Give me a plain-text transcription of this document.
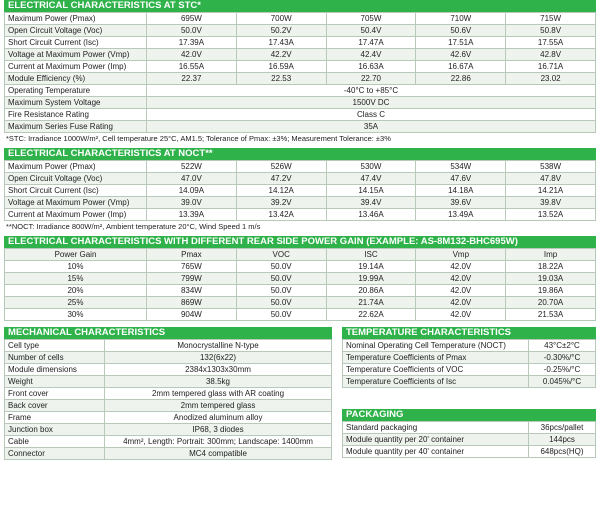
ELECTRICAL CHARACTERISTICS AT STC*
Maximum Power (Pmax)	695W	700W	705W	710W	715W
Open Circuit Voltage (Voc)	50.0V	50.2V	50.4V	50.6V	50.8V
Short Circuit Current (Isc)	17.39A	17.43A	17.47A	17.51A	17.55A
Voltage at Maximum Power (Vmp)	42.0V	42.2V	42.4V	42.6V	42.8V
Current at Maximum Power (Imp)	16.55A	16.59A	16.63A	16.67A	16.71A
Module Efficiency (%)	22.37	22.53	22.70	22.86	23.02
Operating Temperature	-40°C to +85°C				
Maximum System Voltage	1500V DC				
Fire Resistance Rating	Class C				
Maximum Series Fuse Rating	35A				
*STC: Irradiance 1000W/m², Cell temperature 25°C, AM1.5; Tolerance of Pmax: ±3%; Measurement Tolerance: ±3%
ELECTRICAL CHARACTERISTICS AT NOCT**
Maximum Power (Pmax)	522W	526W	530W	534W	538W
Open Circuit Voltage (Voc)	47.0V	47.2V	47.4V	47.6V	47.8V
Short Circuit Current (Isc)	14.09A	14.12A	14.15A	14.18A	14.21A
Voltage at Maximum Power (Vmp)	39.0V	39.2V	39.4V	39.6V	39.8V
Current at Maximum Power (Imp)	13.39A	13.42A	13.46A	13.49A	13.52A
**NOCT: Irradiance 800W/m², Ambient temperature 20°C, Wind Speed 1 m/s
ELECTRICAL CHARACTERISTICS WITH DIFFERENT REAR SIDE POWER GAIN (EXAMPLE: AS-8M132-BHC695W)
Power Gain	Pmax	VOC	ISC	Vmp	Imp
10%	765W	50.0V	19.14A	42.0V	18.22A
15%	799W	50.0V	19.99A	42.0V	19.03A
20%	834W	50.0V	20.86A	42.0V	19.86A
25%	869W	50.0V	21.74A	42.0V	20.70A
30%	904W	50.0V	22.62A	42.0V	21.53A
MECHANICAL CHARACTERISTICS
Cell type	Monocrystalline N-type
Number of cells	132(6x22)
Module dimensions	2384x1303x30mm
Weight	38.5kg
Front cover	2mm tempered glass with AR coating
Back cover	2mm tempered glass
Frame	Anodized aluminum alloy
Junction box	IP68, 3 diodes
Cable	4mm², Length: Portrait: 300mm; Landscape: 1400mm
Connector	MC4 compatible
TEMPERATURE CHARACTERISTICS
Nominal Operating Cell Temperature (NOCT)	43°C±2°C
Temperature Coefficients of Pmax	-0.30%/°C
Temperature Coefficients of VOC	-0.25%/°C
Temperature Coefficients of Isc	0.045%/°C
PACKAGING
Standard packaging	36pcs/pallet
Module quantity per 20' container	144pcs
Module quantity per 40' container	648pcs(HQ)
